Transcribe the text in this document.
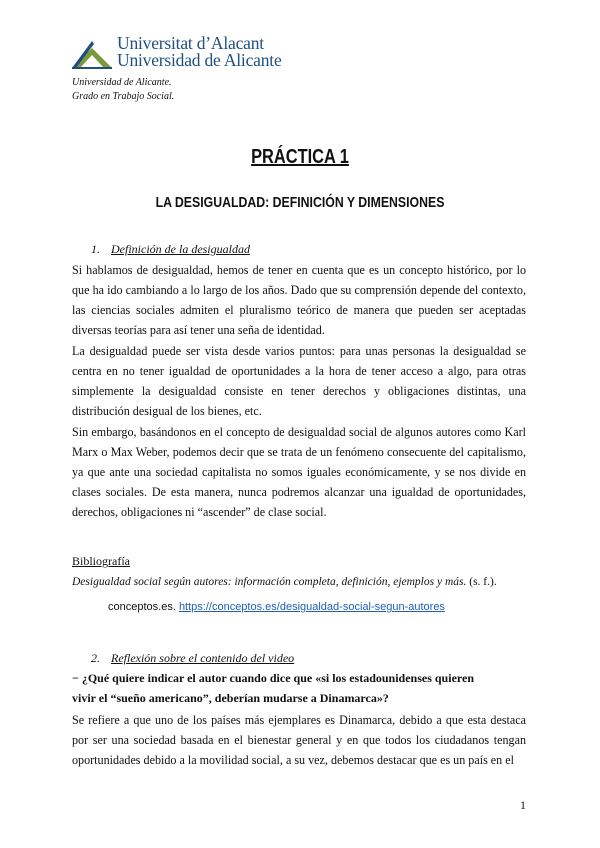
Universitat d’Alacant
Universidad de Alicante
Universidad de Alicante.
Grado en Trabajo Social.
PRÁCTICA 1
LA DESIGUALDAD: DEFINICIÓN Y DIMENSIONES
1. Definición de la desigualdad
Si hablamos de desigualdad, hemos de tener en cuenta que es un concepto histórico, por lo que ha ido cambiando a lo largo de los años. Dado que su comprensión depende del contexto, las ciencias sociales admiten el pluralismo teórico de manera que pueden ser aceptadas diversas teorías para así tener una seña de identidad.
La desigualdad puede ser vista desde varios puntos: para unas personas la desigualdad se centra en no tener igualdad de oportunidades a la hora de tener acceso a algo, para otras simplemente la desigualdad consiste en tener derechos y obligaciones distintas, una distribución desigual de los bienes, etc.
Sin embargo, basándonos en el concepto de desigualdad social de algunos autores como Karl Marx o Max Weber, podemos decir que se trata de un fenómeno consecuente del capitalismo, ya que ante una sociedad capitalista no somos iguales económicamente, y se nos divide en clases sociales. De esta manera, nunca podremos alcanzar una igualdad de oportunidades, derechos, obligaciones ni “ascender” de clase social.
Bibliografía
Desigualdad social según autores: información completa, definición, ejemplos y más. (s. f.).
conceptos.es. https://conceptos.es/desigualdad-social-segun-autores
2. Reflexión sobre el contenido del video
− ¿Qué quiere indicar el autor cuando dice que «si los estadounidenses quieren
vivir el “sueño americano”, deberían mudarse a Dinamarca»?
Se refiere a que uno de los países más ejemplares es Dinamarca, debido a que esta destaca por ser una sociedad basada en el bienestar general y en que todos los ciudadanos tengan oportunidades debido a la movilidad social, a su vez, debemos destacar que es un país en el
1
